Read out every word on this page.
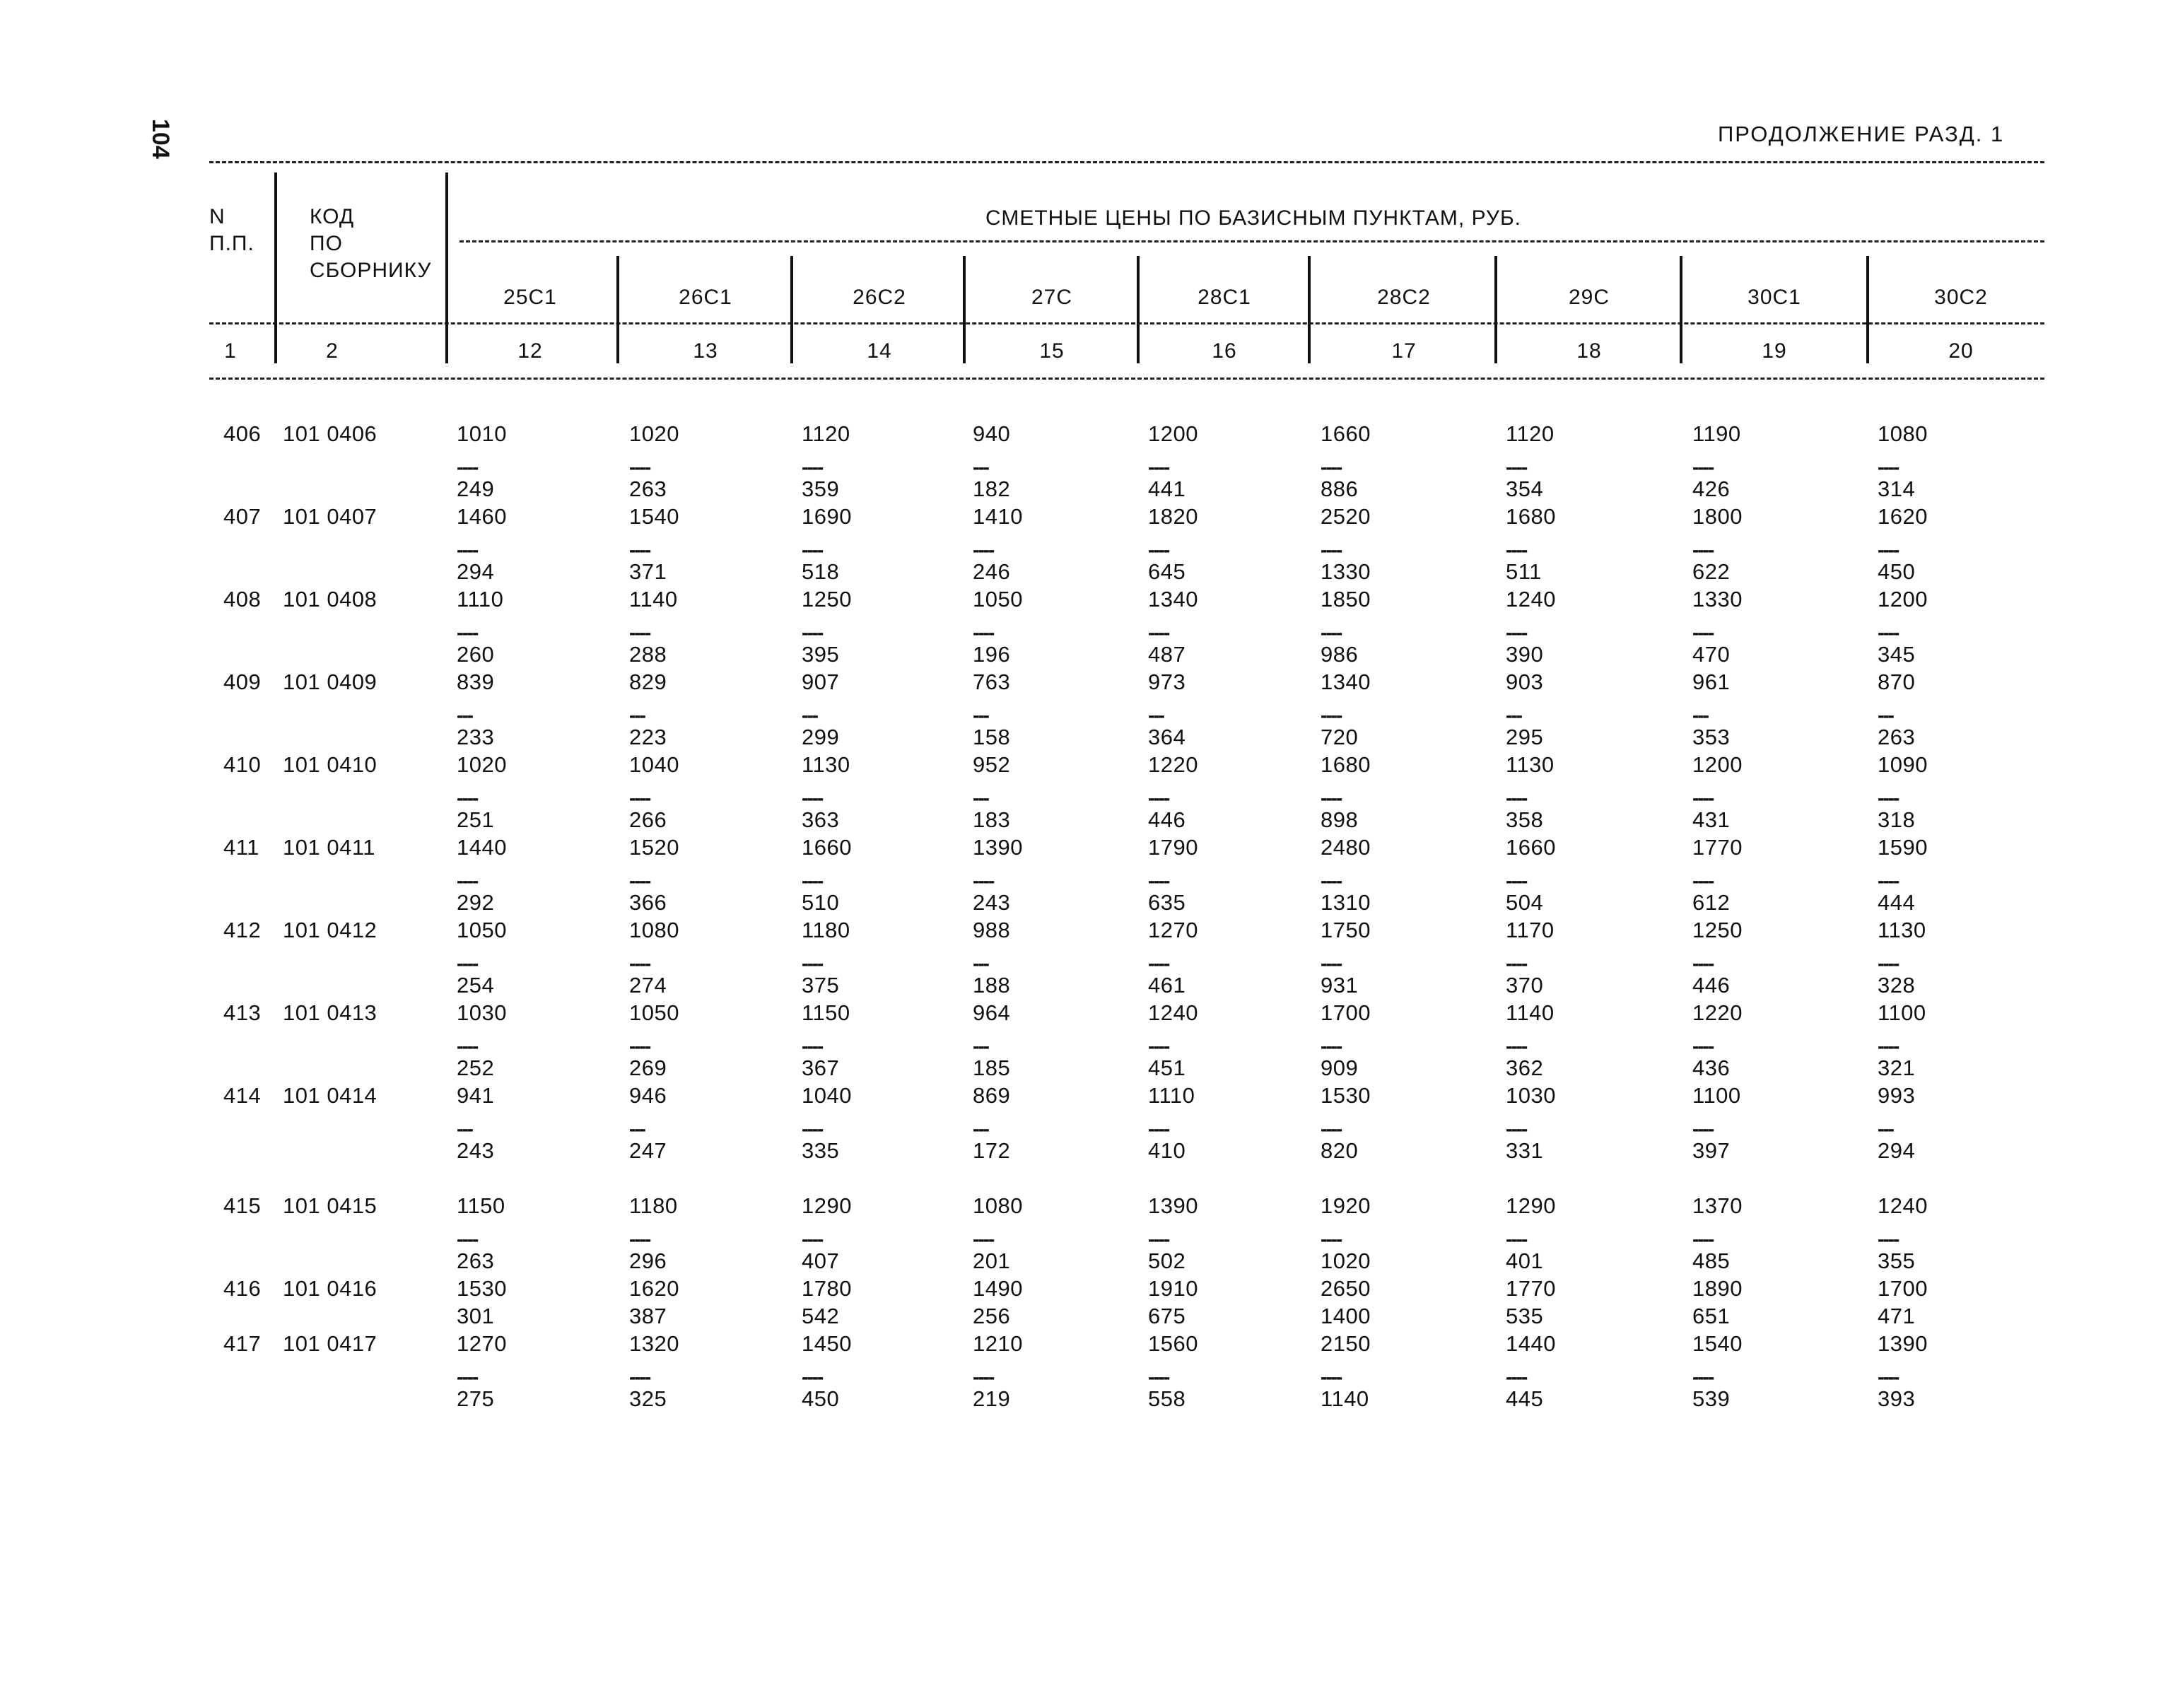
104	ПРОДОЛЖЕНИЕ РАЗД. 1
N
П.П.
КОД
ПО
СБОРНИКУ
СМЕТНЫЕ ЦЕНЫ ПО БАЗИСНЫМ ПУНКТАМ, РУБ.
25С1	26С1	26С2	27С	28С1	28С2	29С	30С1	30С2
1	2	12	13	14	15	16	17	18	19	20
406 101 0406	1010	1020	1120	940	1200	1660	1120	1190	1080
----	----	----	---	----	----	----	----	----
249	263	359	182	441	886	354	426	314
407 101 0407	1460	1540	1690	1410	1820	2520	1680	1800	1620
----	----	----	----	----	----	----	----	----
294	371	518	246	645	1330	511	622	450
408 101 0408	1110	1140	1250	1050	1340	1850	1240	1330	1200
----	----	----	----	----	----	----	----	----
260	288	395	196	487	986	390	470	345
409 101 0409	839	829	907	763	973	1340	903	961	870
---	---	---	---	---	----	---	---	---
233	223	299	158	364	720	295	353	263
410 101 0410	1020	1040	1130	952	1220	1680	1130	1200	1090
----	----	----	---	----	----	----	----	----
251	266	363	183	446	898	358	431	318
411 101 0411	1440	1520	1660	1390	1790	2480	1660	1770	1590
----	----	----	----	----	----	----	----	----
292	366	510	243	635	1310	504	612	444
412 101 0412	1050	1080	1180	988	1270	1750	1170	1250	1130
----	----	----	---	----	----	----	----	----
254	274	375	188	461	931	370	446	328
413 101 0413	1030	1050	1150	964	1240	1700	1140	1220	1100
----	----	----	---	----	----	----	----	----
252	269	367	185	451	909	362	436	321
414 101 0414	941	946	1040	869	1110	1530	1030	1100	993
---	---	----	---	----	----	----	----	---
243	247	335	172	410	820	331	397	294
415 101 0415	1150	1180	1290	1080	1390	1920	1290	1370	1240
----	----	----	----	----	----	----	----	----
263	296	407	201	502	1020	401	485	355
416 101 0416	1530	1620	1780	1490	1910	2650	1770	1890	1700
301	387	542	256	675	1400	535	651	471
417 101 0417	1270	1320	1450	1210	1560	2150	1440	1540	1390
----	----	----	----	----	----	----	----	----
275	325	450	219	558	1140	445	539	393
